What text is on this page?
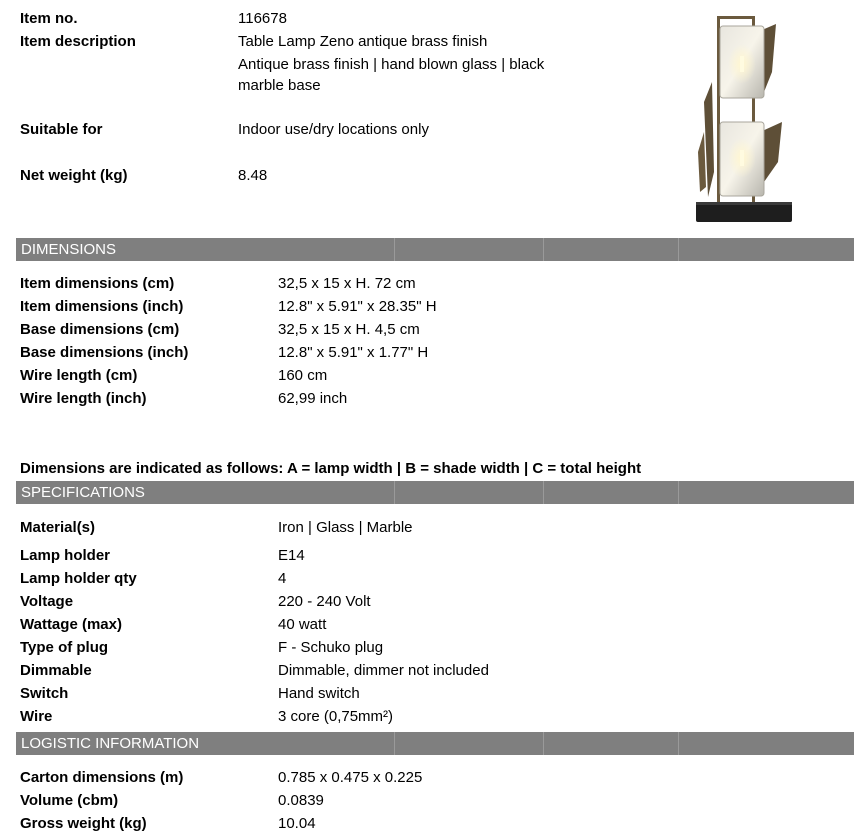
Item no.	116678
Item description	Table Lamp Zeno antique brass finish
Antique brass finish | hand blown glass | black
marble base
Suitable for	Indoor use/dry locations only
Net weight (kg)	8.48
DIMENSIONS
Item dimensions (cm)	32,5 x 15 x H. 72 cm
Item dimensions (inch)	12.8" x 5.91" x 28.35" H
Base dimensions (cm)	32,5 x 15 x H. 4,5 cm
Base dimensions (inch)	12.8" x 5.91" x 1.77" H
Wire length (cm)	160 cm
Wire length (inch)	62,99 inch
Dimensions are indicated as follows: A = lamp width | B = shade width | C = total height
SPECIFICATIONS
Material(s)	Iron | Glass | Marble
Lamp holder	E14
Lamp holder qty	4
Voltage	220 - 240 Volt
Wattage (max)	40 watt
Type of plug	F - Schuko plug
Dimmable	Dimmable, dimmer not included
Switch	Hand switch
Wire	3 core (0,75mm²)
LOGISTIC INFORMATION
Carton dimensions (m)	0.785 x 0.475 x 0.225
Volume (cbm)	0.0839
Gross weight (kg)	10.04
